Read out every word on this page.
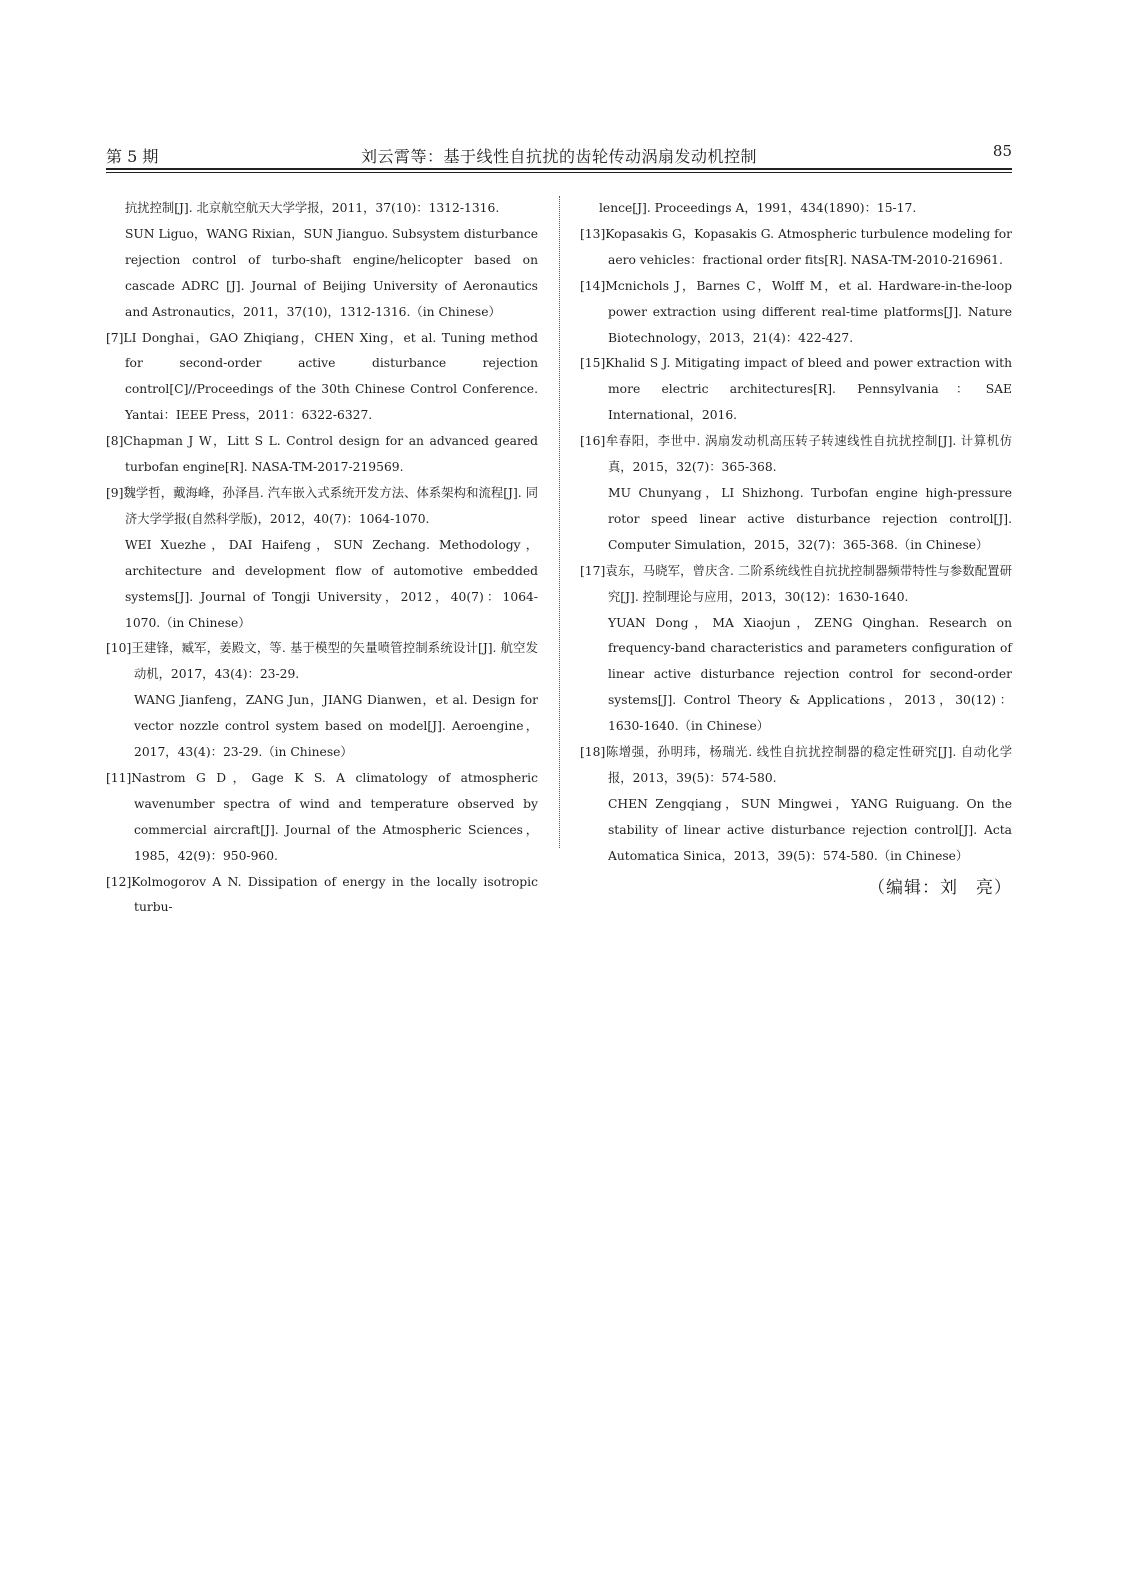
第 5 期	刘云霄等：基于线性自抗扰的齿轮传动涡扇发动机控制	85

抗扰控制[J]. 北京航空航天大学学报，2011，37(10)：1312-1316.

SUN Liguo，WANG Rixian，SUN Jianguo. Subsystem disturbance rejection control of turbo-shaft engine/helicopter based on cascade ADRC [J]. Journal of Beijing University of Aeronautics and Astronautics，2011，37(10)，1312-1316.（in Chinese）

[7]LI Donghai，GAO Zhiqiang，CHEN Xing，et al. Tuning method for second-order active disturbance rejection control[C]//Proceedings of the 30th Chinese Control Conference. Yantai：IEEE Press，2011：6322-6327.

[8]Chapman J W，Litt S L. Control design for an advanced geared turbofan engine[R]. NASA-TM-2017-219569.

[9]魏学哲，戴海峰，孙泽昌. 汽车嵌入式系统开发方法、体系架构和流程[J]. 同济大学学报(自然科学版)，2012，40(7)：1064-1070.

WEI Xuezhe，DAI Haifeng，SUN Zechang. Methodology，architecture and development flow of automotive embedded systems[J]. Journal of Tongji University，2012，40(7)：1064-1070.（in Chinese）

[10]王建锋，臧军，姜殿文，等. 基于模型的矢量喷管控制系统设计[J]. 航空发动机，2017，43(4)：23-29.

WANG Jianfeng，ZANG Jun，JIANG Dianwen，et al. Design for vector nozzle control system based on model[J]. Aeroengine，2017，43(4)：23-29.（in Chinese）

[11]Nastrom G D，Gage K S. A climatology of atmospheric wavenumber spectra of wind and temperature observed by commercial aircraft[J]. Journal of the Atmospheric Sciences，1985，42(9)：950-960.

[12]Kolmogorov A N. Dissipation of energy in the locally isotropic turbu-

lence[J]. Proceedings A，1991，434(1890)：15-17.

[13]Kopasakis G，Kopasakis G. Atmospheric turbulence modeling for aero vehicles：fractional order fits[R]. NASA-TM-2010-216961.

[14]Mcnichols J，Barnes C，Wolff M，et al. Hardware-in-the-loop power extraction using different real-time platforms[J]. Nature Biotechnology，2013，21(4)：422-427.

[15]Khalid S J. Mitigating impact of bleed and power extraction with more electric architectures[R]. Pennsylvania：SAE International，2016.

[16]牟春阳，李世中. 涡扇发动机高压转子转速线性自抗扰控制[J]. 计算机仿真，2015，32(7)：365-368.

MU Chunyang，LI Shizhong. Turbofan engine high-pressure rotor speed linear active disturbance rejection control[J]. Computer Simulation，2015，32(7)：365-368.（in Chinese）

[17]袁东，马晓军，曾庆含. 二阶系统线性自抗扰控制器频带特性与参数配置研究[J]. 控制理论与应用，2013，30(12)：1630-1640.

YUAN Dong，MA Xiaojun，ZENG Qinghan. Research on frequency-band characteristics and parameters configuration of linear active disturbance rejection control for second-order systems[J]. Control Theory & Applications，2013，30(12)：1630-1640.（in Chinese）

[18]陈增强，孙明玮，杨瑞光. 线性自抗扰控制器的稳定性研究[J]. 自动化学报，2013，39(5)：574-580.

CHEN Zengqiang，SUN Mingwei，YANG Ruiguang. On the stability of linear active disturbance rejection control[J]. Acta Automatica Sinica，2013，39(5)：574-580.（in Chinese）

（编辑：刘　亮）
